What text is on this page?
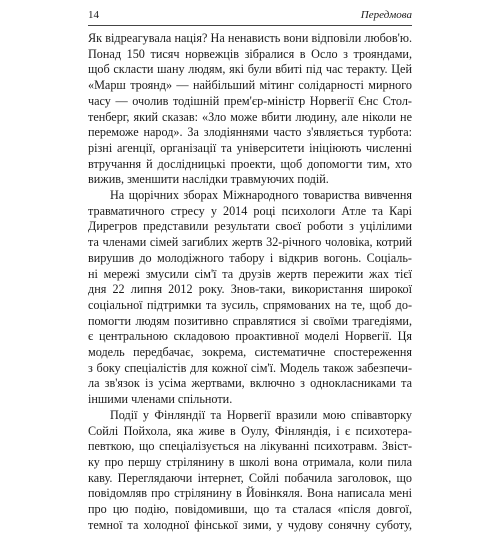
14	Передмова
Як відреагувала нація? На ненависть вони відповіли любов'ю.
Понад 150 тисяч норвежців зібралися в Осло з трояндами,
щоб скласти шану людям, які були вбиті під час теракту. Цей
«Марш троянд» — найбільший мітинг солідарності мирного
часу — очолив тодішній прем'єр-міністр Норвегії Єнс Стол-
тенберг, який сказав: «Зло може вбити людину, але ніколи не
переможе народ». За злодіяннями часто з'являється турбота:
різні агенції, організації та університети ініціюють численні
втручання й дослідницькі проекти, щоб допомогти тим, хто
вижив, зменшити наслідки травмуючих подій.
На щорічних зборах Міжнародного товариства вивчення
травматичного стресу у 2014 році психологи Атле та Карі
Дирегров представили результати своєї роботи з уцілілими
та членами сімей загиблих жертв 32-річного чоловіка, котрий
вирушив до молодіжного табору і відкрив вогонь. Соціаль-
ні мережі змусили сім'ї та друзів жертв пережити жах тієї
дня 22 липня 2012 року. Знов-таки, використання широкої
соціальної підтримки та зусиль, спрямованих на те, щоб до-
помогти людям позитивно справлятися зі своїми трагедіями,
є центральною складовою проактивної моделі Норвегії. Ця
модель передбачає, зокрема, систематичне спостереження
з боку спеціалістів для кожної сім'ї. Модель також забезпечи-
ла зв'язок із усіма жертвами, включно з однокласниками та
іншими членами спільноти.
Події у Фінляндії та Норвегії вразили мою співавторку
Сойлі Пойхола, яка живе в Оулу, Фінляндія, і є психотера-
певткою, що спеціалізується на лікуванні психотравм. Звіст-
ку про першу стрілянину в школі вона отримала, коли пила
каву. Переглядаючи інтернет, Сойлі побачила заголовок, що
повідомляв про стрілянину в Йовінкяля. Вона написала мені
про цю подію, повідомивши, що та сталася «після довгої,
темної та холодної фінської зими, у чудову сонячну суботу,
